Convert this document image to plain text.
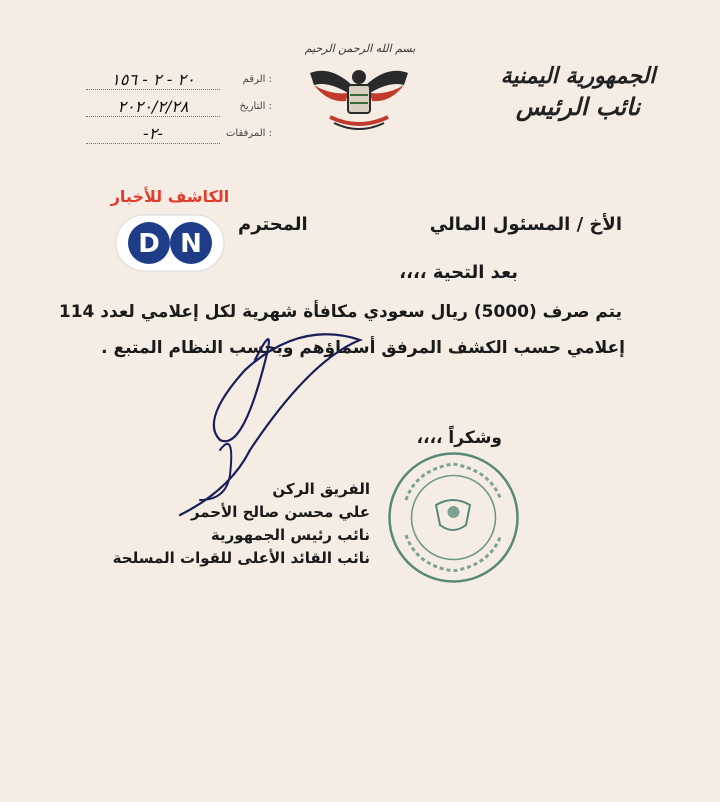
الجمهورية اليمنية
نائب الرئيس
بسم الله الرحمن الرحيم
الرقم :
٢٠ - ٢ - ١٥٦
التاريخ :
٢٠٢٠/٢/٢٨
المرفقات :
-٢-
الكاشف للأخبار
D N
الأخ / المسئول المالي
المحترم
بعد التحية ،،،،
يتم صرف (5000) ريال سعودي مكافأة شهرية لكل إعلامي لعدد 114
إعلامي حسب الكشف المرفق أسماؤهم وبحسب النظام المتبع .
وشكراً ،،،،
الفريق الركن
علي محسن صالح الأحمر
نائب رئيس الجمهورية
نائب القائد الأعلى للقوات المسلحة
